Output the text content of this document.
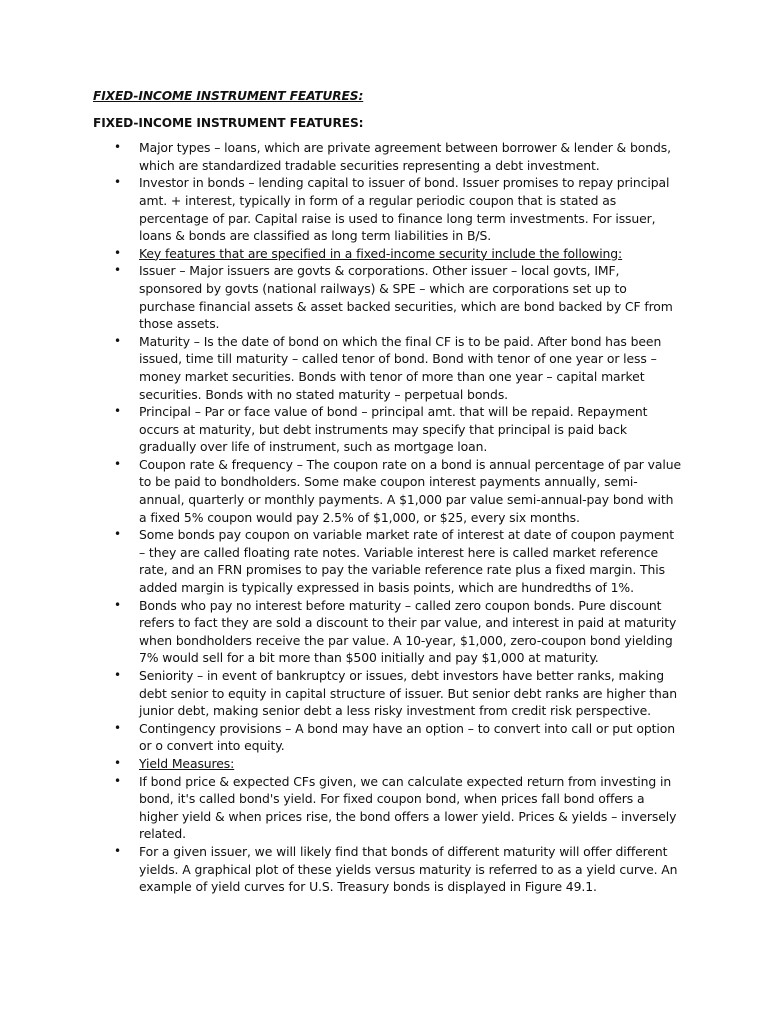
FIXED-INCOME INSTRUMENT FEATURES:

FIXED-INCOME INSTRUMENT FEATURES:

• Major types – loans, which are private agreement between borrower & lender & bonds, which are standardized tradable securities representing a debt investment.
• Investor in bonds – lending capital to issuer of bond. Issuer promises to repay principal amt. + interest, typically in form of a regular periodic coupon that is stated as percentage of par. Capital raise is used to finance long term investments. For issuer, loans & bonds are classified as long term liabilities in B/S.
• Key features that are specified in a fixed-income security include the following:
• Issuer – Major issuers are govts & corporations. Other issuer – local govts, IMF, sponsored by govts (national railways) & SPE – which are corporations set up to purchase financial assets & asset backed securities, which are bond backed by CF from those assets.
• Maturity – Is the date of bond on which the final CF is to be paid. After bond has been issued, time till maturity – called tenor of bond. Bond with tenor of one year or less – money market securities. Bonds with tenor of more than one year – capital market securities. Bonds with no stated maturity – perpetual bonds.
• Principal – Par or face value of bond – principal amt. that will be repaid. Repayment occurs at maturity, but debt instruments may specify that principal is paid back gradually over life of instrument, such as mortgage loan.
• Coupon rate & frequency – The coupon rate on a bond is annual percentage of par value to be paid to bondholders. Some make coupon interest payments annually, semi-annual, quarterly or monthly payments. A $1,000 par value semi-annual-pay bond with a fixed 5% coupon would pay 2.5% of $1,000, or $25, every six months.
• Some bonds pay coupon on variable market rate of interest at date of coupon payment – they are called floating rate notes. Variable interest here is called market reference rate, and an FRN promises to pay the variable reference rate plus a fixed margin. This added margin is typically expressed in basis points, which are hundredths of 1%.
• Bonds who pay no interest before maturity – called zero coupon bonds. Pure discount refers to fact they are sold a discount to their par value, and interest in paid at maturity when bondholders receive the par value. A 10-year, $1,000, zero-coupon bond yielding 7% would sell for a bit more than $500 initially and pay $1,000 at maturity.
• Seniority – in event of bankruptcy or issues, debt investors have better ranks, making debt senior to equity in capital structure of issuer. But senior debt ranks are higher than junior debt, making senior debt a less risky investment from credit risk perspective.
• Contingency provisions – A bond may have an option – to convert into call or put option or o convert into equity.
• Yield Measures:
• If bond price & expected CFs given, we can calculate expected return from investing in bond, it's called bond's yield. For fixed coupon bond, when prices fall bond offers a higher yield & when prices rise, the bond offers a lower yield. Prices & yields – inversely related.
• For a given issuer, we will likely find that bonds of different maturity will offer different yields. A graphical plot of these yields versus maturity is referred to as a yield curve. An example of yield curves for U.S. Treasury bonds is displayed in Figure 49.1.
